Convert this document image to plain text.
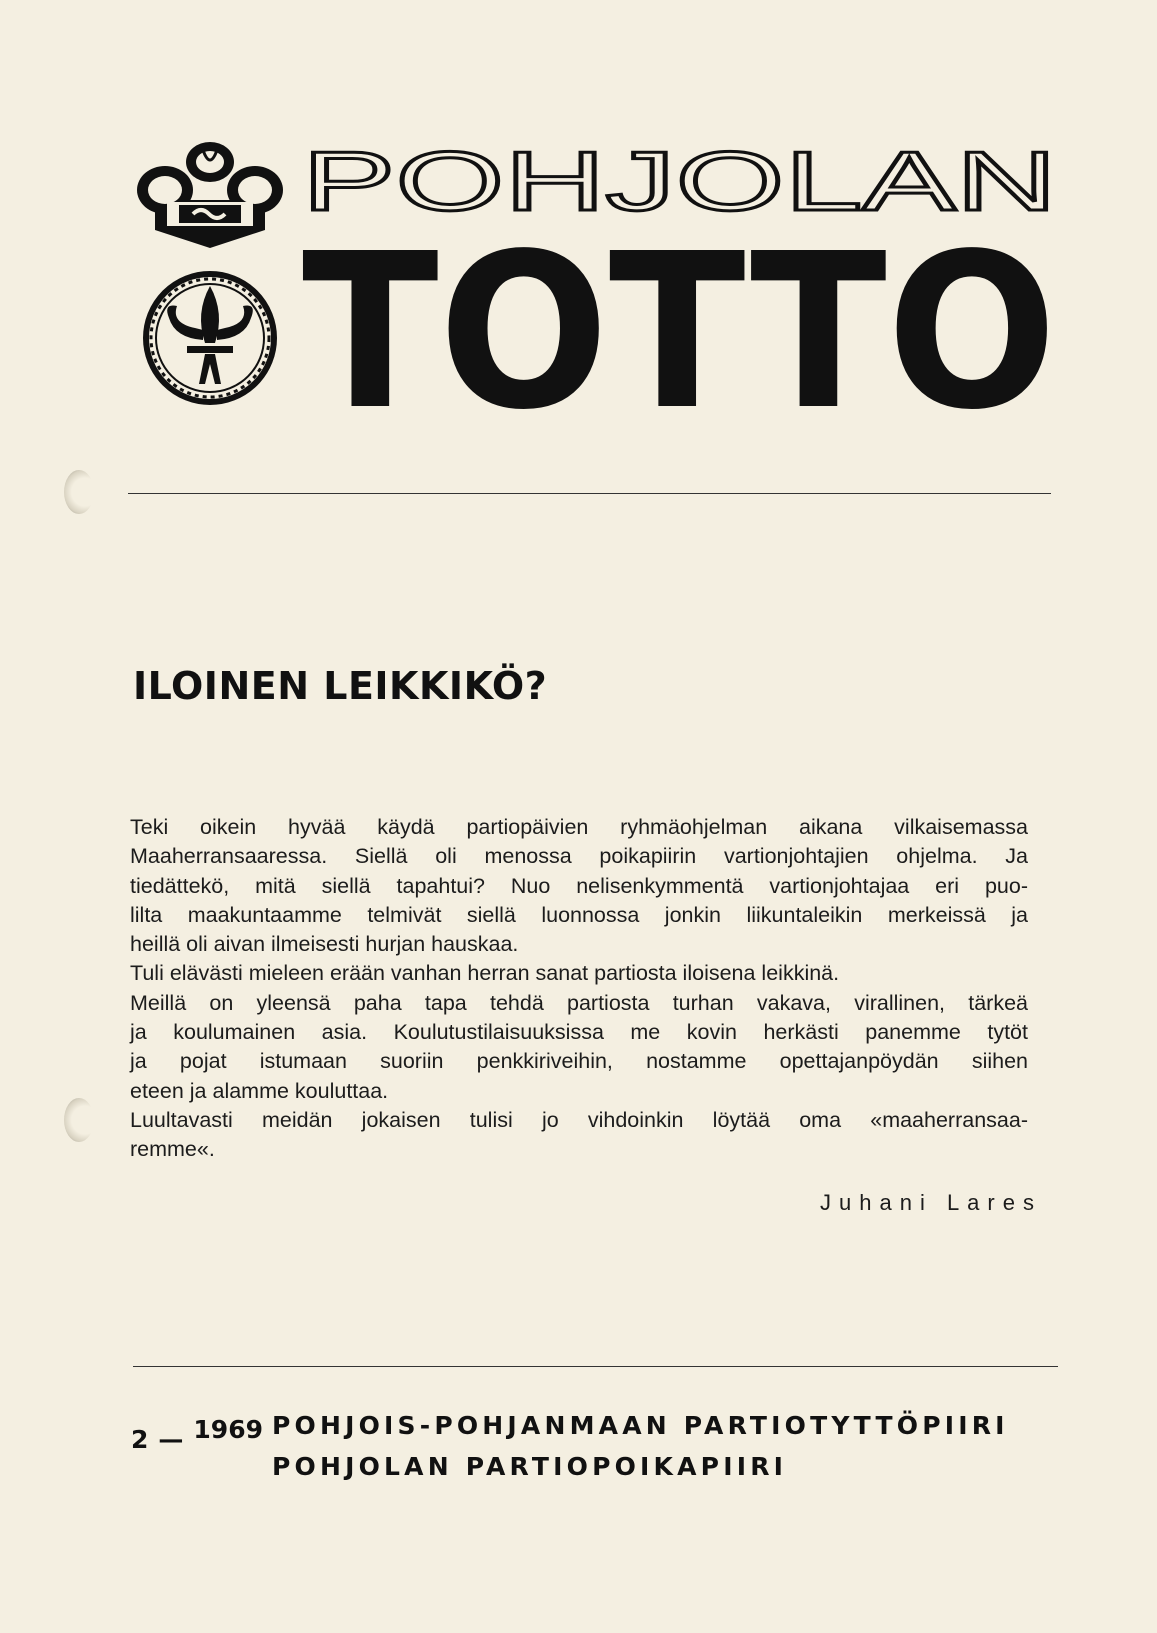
POHJOLAN
TOTTO
ILOINEN LEIKKIKÖ?
Teki oikein hyvää käydä partiopäivien ryhmäohjelman aikana vilkaisemassa
Maaherransaaressa. Siellä oli menossa poikapiirin vartionjohtajien ohjelma. Ja
tiedättekö, mitä siellä tapahtui? Nuo nelisenkymmentä vartionjohtajaa eri puo-
lilta maakuntaamme telmivät siellä luonnossa jonkin liikuntaleikin merkeissä ja
heillä oli aivan ilmeisesti hurjan hauskaa.
Tuli elävästi mieleen erään vanhan herran sanat partiosta iloisena leikkinä.
Meillä on yleensä paha tapa tehdä partiosta turhan vakava, virallinen, tärkeä
ja koulumainen asia. Koulutustilaisuuksissa me kovin herkästi panemme tytöt
ja pojat istumaan suoriin penkkiriveihin, nostamme opettajanpöydän siihen
eteen ja alamme kouluttaa.
Luultavasti meidän jokaisen tulisi jo vihdoinkin löytää oma «maaherransaa-
remme«.
Juhani Lares
2 — 1969 POHJOIS-POHJANMAAN PARTIOTYTTÖPIIRI
POHJOLAN PARTIOPOIKAPIIRI
